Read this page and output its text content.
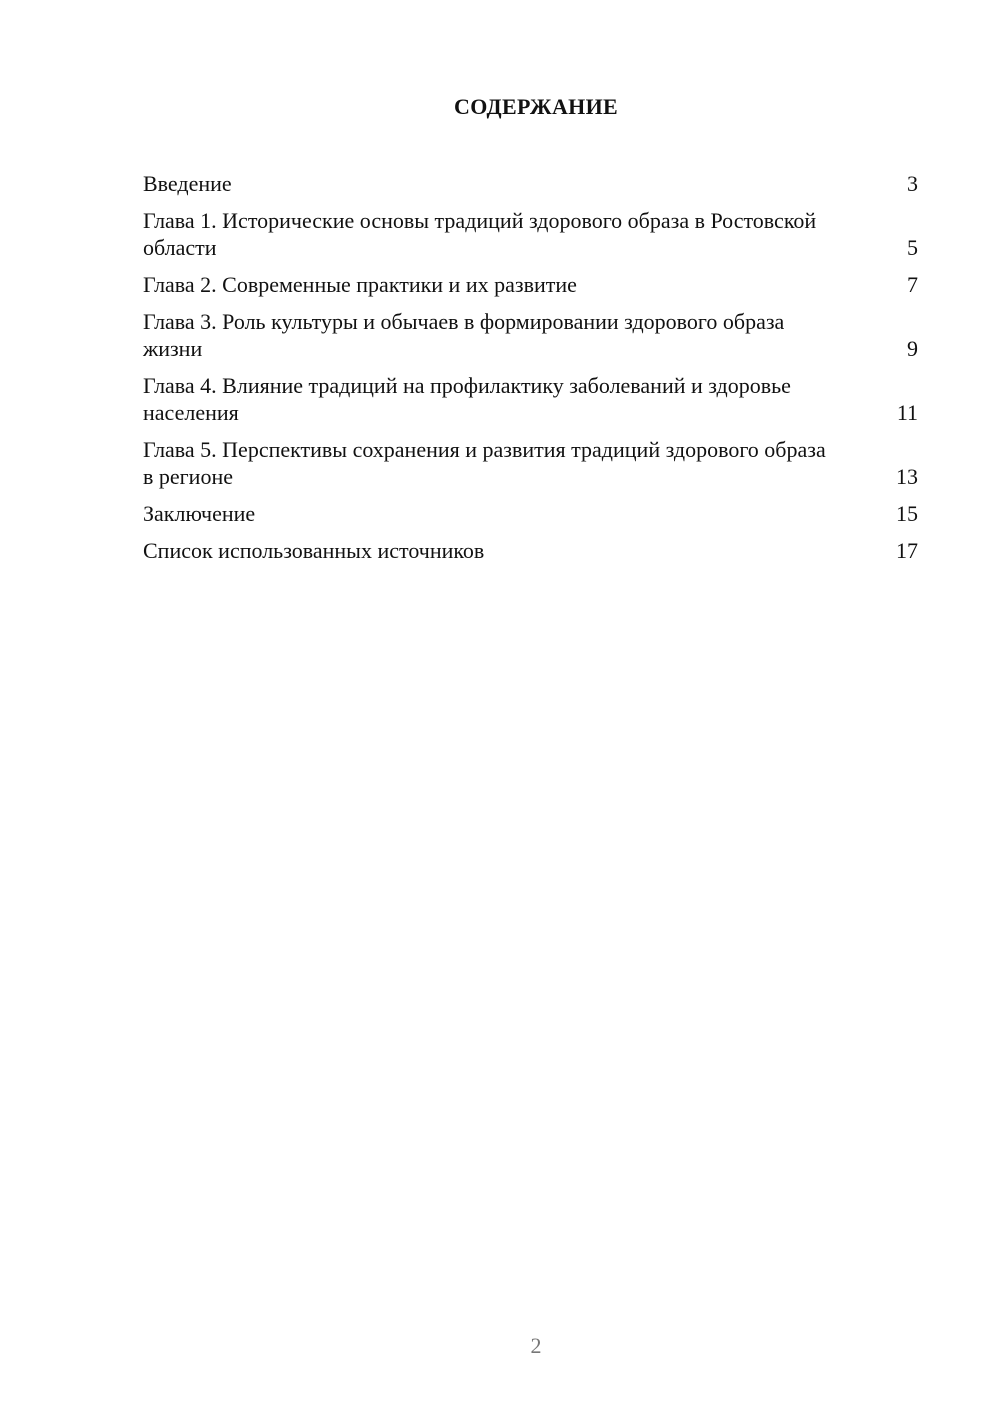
СОДЕРЖАНИЕ
Введение	3
Глава 1. Исторические основы традиций здорового образа в Ростовской области	5
Глава 2. Современные практики и их развитие	7
Глава 3. Роль культуры и обычаев в формировании здорового образа жизни	9
Глава 4. Влияние традиций на профилактику заболеваний и здоровье населения	11
Глава 5. Перспективы сохранения и развития традиций здорового образа в регионе	13
Заключение	15
Список использованных источников	17
2
